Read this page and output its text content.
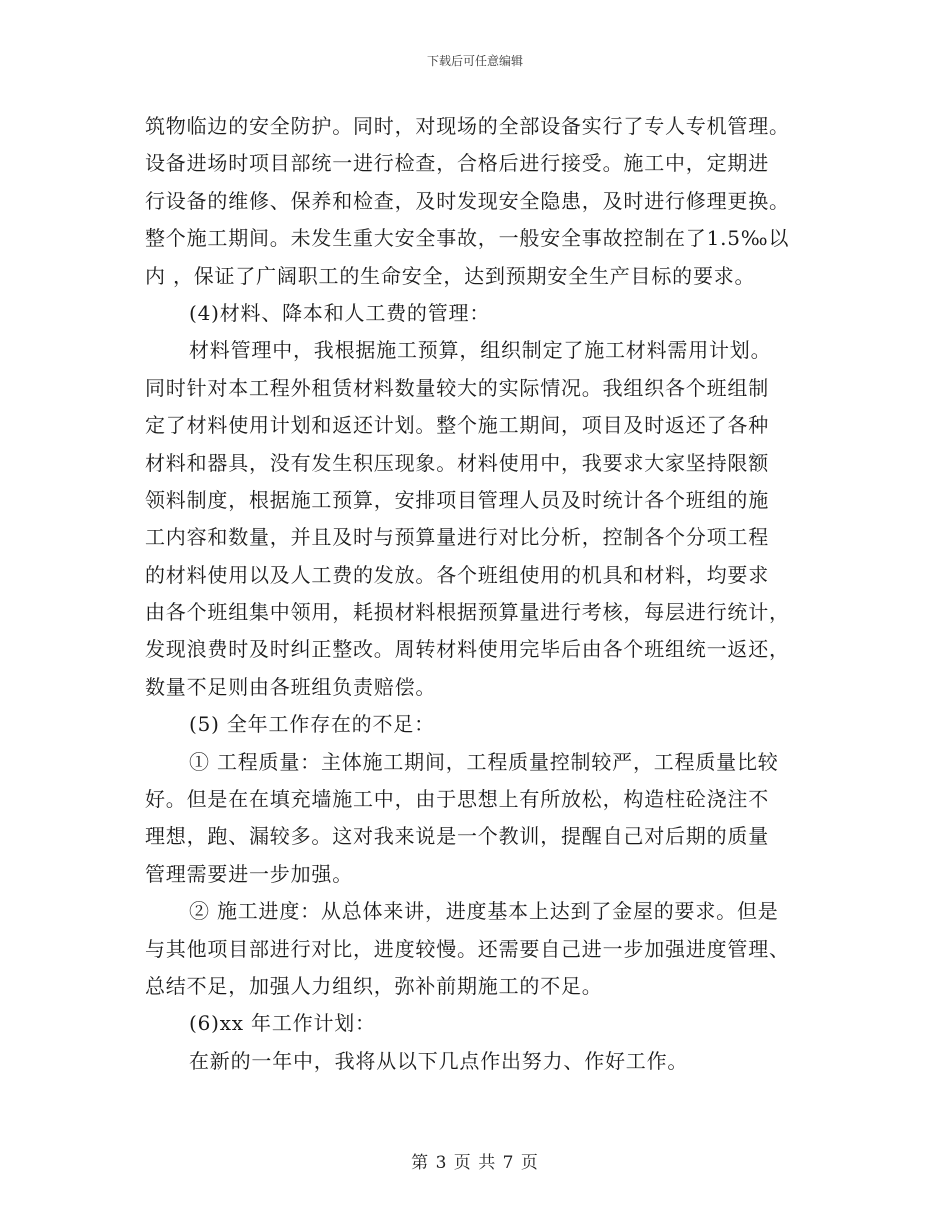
下载后可任意编辑
筑物临边的安全防护。同时，对现场的全部设备实行了专人专机管理。
设备进场时项目部统一进行检查，合格后进行接受。施工中，定期进
行设备的维修、保养和检查，及时发现安全隐患，及时进行修理更换。
整个施工期间。未发生重大安全事故，一般安全事故控制在了1.5‰以
内 ，保证了广阔职工的生命安全，达到预期安全生产目标的要求。
(4)材料、降本和人工费的管理：
材料管理中，我根据施工预算，组织制定了施工材料需用计划。
同时针对本工程外租赁材料数量较大的实际情况。我组织各个班组制
定了材料使用计划和返还计划。整个施工期间，项目及时返还了各种
材料和器具，没有发生积压现象。材料使用中，我要求大家坚持限额
领料制度，根据施工预算，安排项目管理人员及时统计各个班组的施
工内容和数量，并且及时与预算量进行对比分析，控制各个分项工程
的材料使用以及人工费的发放。各个班组使用的机具和材料，均要求
由各个班组集中领用，耗损材料根据预算量进行考核，每层进行统计，
发现浪费时及时纠正整改。周转材料使用完毕后由各个班组统一返还，
数量不足则由各班组负责赔偿。
(5) 全年工作存在的不足：
① 工程质量：主体施工期间，工程质量控制较严，工程质量比较
好。但是在在填充墙施工中，由于思想上有所放松，构造柱砼浇注不
理想，跑、漏较多。这对我来说是一个教训，提醒自己对后期的质量
管理需要进一步加强。
② 施工进度：从总体来讲，进度基本上达到了金屋的要求。但是
与其他项目部进行对比，进度较慢。还需要自己进一步加强进度管理、
总结不足，加强人力组织，弥补前期施工的不足。
(6)xx 年工作计划：
在新的一年中，我将从以下几点作出努力、作好工作。
第 3 页 共 7 页
